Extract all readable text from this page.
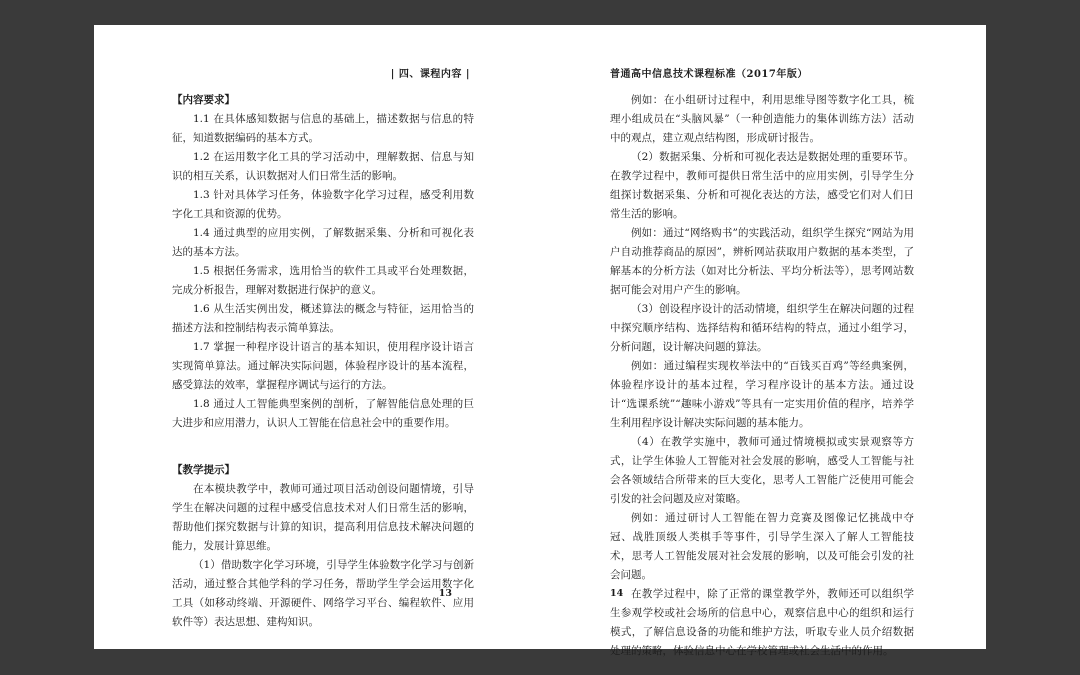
| 四、课程内容 |
【内容要求】

1.1 在具体感知数据与信息的基础上，描述数据与信息的特征，知道数据编码的基本方式。

1.2 在运用数字化工具的学习活动中，理解数据、信息与知识的相互关系，认识数据对人们日常生活的影响。

1.3 针对具体学习任务，体验数字化学习过程，感受利用数字化工具和资源的优势。

1.4 通过典型的应用实例，了解数据采集、分析和可视化表达的基本方法。

1.5 根据任务需求，选用恰当的软件工具或平台处理数据，完成分析报告，理解对数据进行保护的意义。

1.6 从生活实例出发，概述算法的概念与特征，运用恰当的描述方法和控制结构表示简单算法。

1.7 掌握一种程序设计语言的基本知识，使用程序设计语言实现简单算法。通过解决实际问题，体验程序设计的基本流程，感受算法的效率，掌握程序调试与运行的方法。

1.8 通过人工智能典型案例的剖析，了解智能信息处理的巨大进步和应用潜力，认识人工智能在信息社会中的重要作用。

【教学提示】

在本模块教学中，教师可通过项目活动创设问题情境，引导学生在解决问题的过程中感受信息技术对人们日常生活的影响，帮助他们探究数据与计算的知识，提高利用信息技术解决问题的能力，发展计算思维。

（1）借助数字化学习环境，引导学生体验数字化学习与创新活动，通过整合其他学科的学习任务，帮助学生学会运用数字化工具（如移动终端、开源硬件、网络学习平台、编程软件、应用软件等）表达思想、建构知识。

13
普通高中信息技术课程标准（2017年版）

例如：在小组研讨过程中，利用思维导图等数字化工具，梳理小组成员在“头脑风暴”（一种创造能力的集体训练方法）活动中的观点，建立观点结构图，形成研讨报告。

（2）数据采集、分析和可视化表达是数据处理的重要环节。在教学过程中，教师可提供日常生活中的应用实例，引导学生分组探讨数据采集、分析和可视化表达的方法，感受它们对人们日常生活的影响。

例如：通过“网络购书”的实践活动，组织学生探究“网站为用户自动推荐商品的原因”，辨析网站获取用户数据的基本类型，了解基本的分析方法（如对比分析法、平均分析法等），思考网站数据可能会对用户产生的影响。

（3）创设程序设计的活动情境，组织学生在解决问题的过程中探究顺序结构、选择结构和循环结构的特点，通过小组学习，分析问题，设计解决问题的算法。

例如：通过编程实现枚举法中的“百钱买百鸡”等经典案例，体验程序设计的基本过程，学习程序设计的基本方法。通过设计“选课系统”“趣味小游戏”等具有一定实用价值的程序，培养学生利用程序设计解决实际问题的基本能力。

（4）在教学实施中，教师可通过情境模拟或实景观察等方式，让学生体验人工智能对社会发展的影响，感受人工智能与社会各领域结合所带来的巨大变化，思考人工智能广泛使用可能会引发的社会问题及应对策略。

例如：通过研讨人工智能在智力竞赛及图像记忆挑战中夺冠、战胜顶级人类棋手等事件，引导学生深入了解人工智能技术，思考人工智能发展对社会发展的影响，以及可能会引发的社会问题。

在教学过程中，除了正常的课堂教学外，教师还可以组织学生参观学校或社会场所的信息中心，观察信息中心的组织和运行模式，了解信息设备的功能和维护方法，听取专业人员介绍数据处理的策略，体验信息中心在学校管理或社会生活中的作用。

14
